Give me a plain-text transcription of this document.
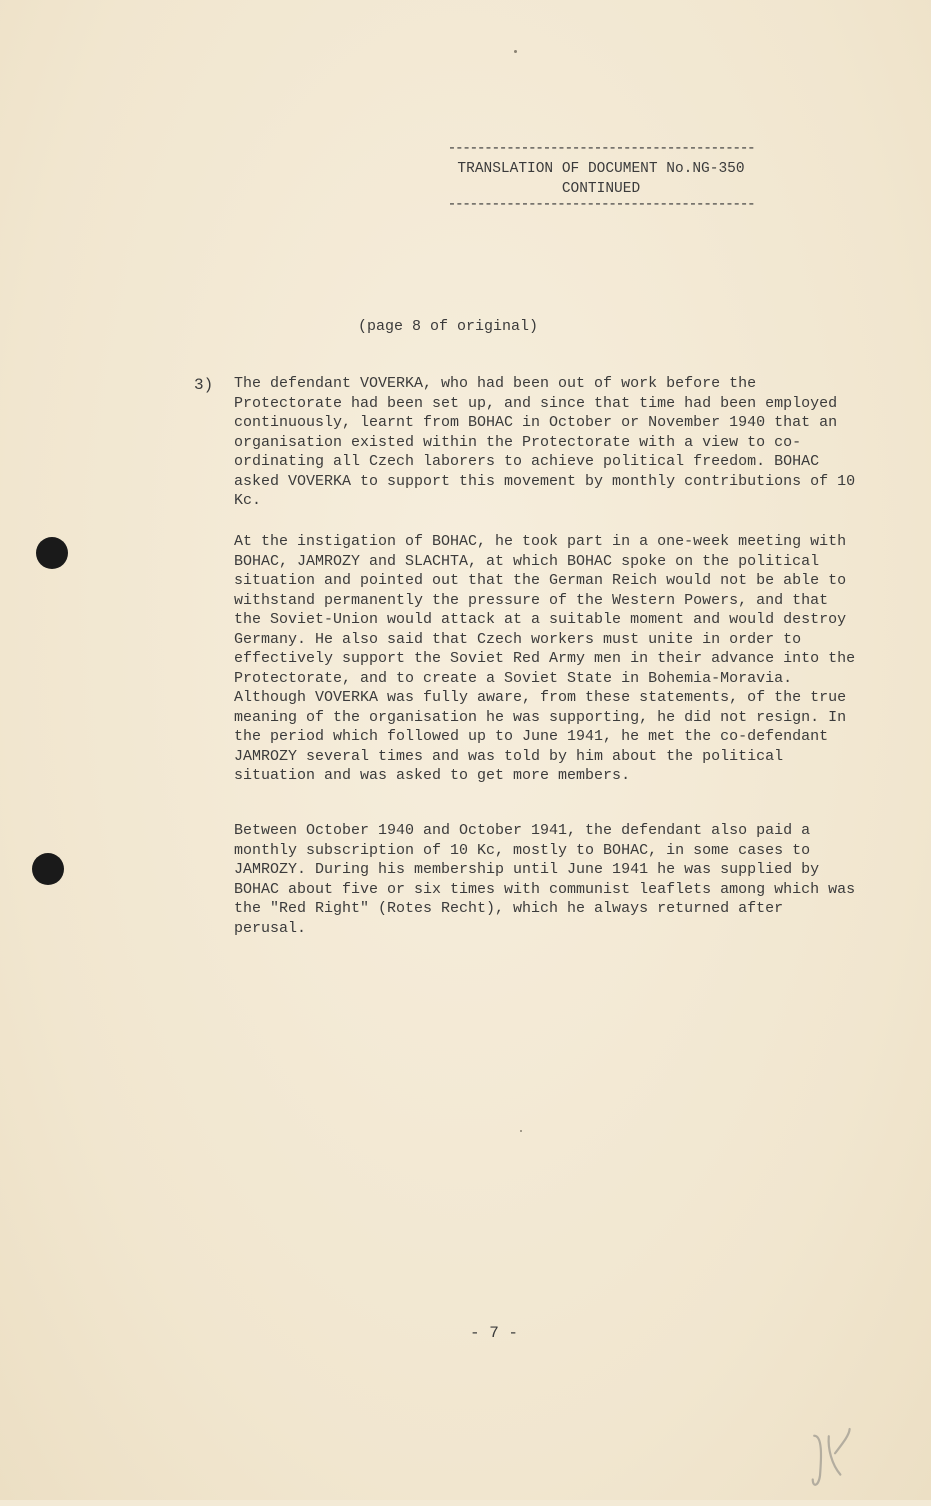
------------------------------------------
TRANSLATION OF DOCUMENT No.NG-350
CONTINUED
------------------------------------------
(page 8 of original)
3) The defendant VOVERKA, who had been out of work before the Protectorate had been set up, and since that time had been employed continuously, learnt from BOHAC in October or November 1940 that an organisation existed within the Protectorate with a view to co-ordinating all Czech laborers to achieve political freedom. BOHAC asked VOVERKA to support this movement by monthly contributions of 10 Kc.

At the instigation of BOHAC, he took part in a one-week meeting with BOHAC, JAMROZY and SLACHTA, at which BOHAC spoke on the political situation and pointed out that the German Reich would not be able to withstand permanently the pressure of the Western Powers, and that the Soviet-Union would attack at a suitable moment and would destroy Germany. He also said that Czech workers must unite in order to effectively support the Soviet Red Army men in their advance into the Protectorate, and to create a Soviet State in Bohemia-Moravia. Although VOVERKA was fully aware, from these statements, of the true meaning of the organisation he was supporting, he did not resign. In the period which followed up to June 1941, he met the co-defendant JAMROZY several times and was told by him about the political situation and was asked to get more members.

Between October 1940 and October 1941, the defendant also paid a monthly subscription of 10 Kc, mostly to BOHAC, in some cases to JAMROZY. During his membership until June 1941 he was supplied by BOHAC about five or six times with communist leaflets among which was the "Red Right" (Rotes Recht), which he always returned after perusal.

- 7 -
